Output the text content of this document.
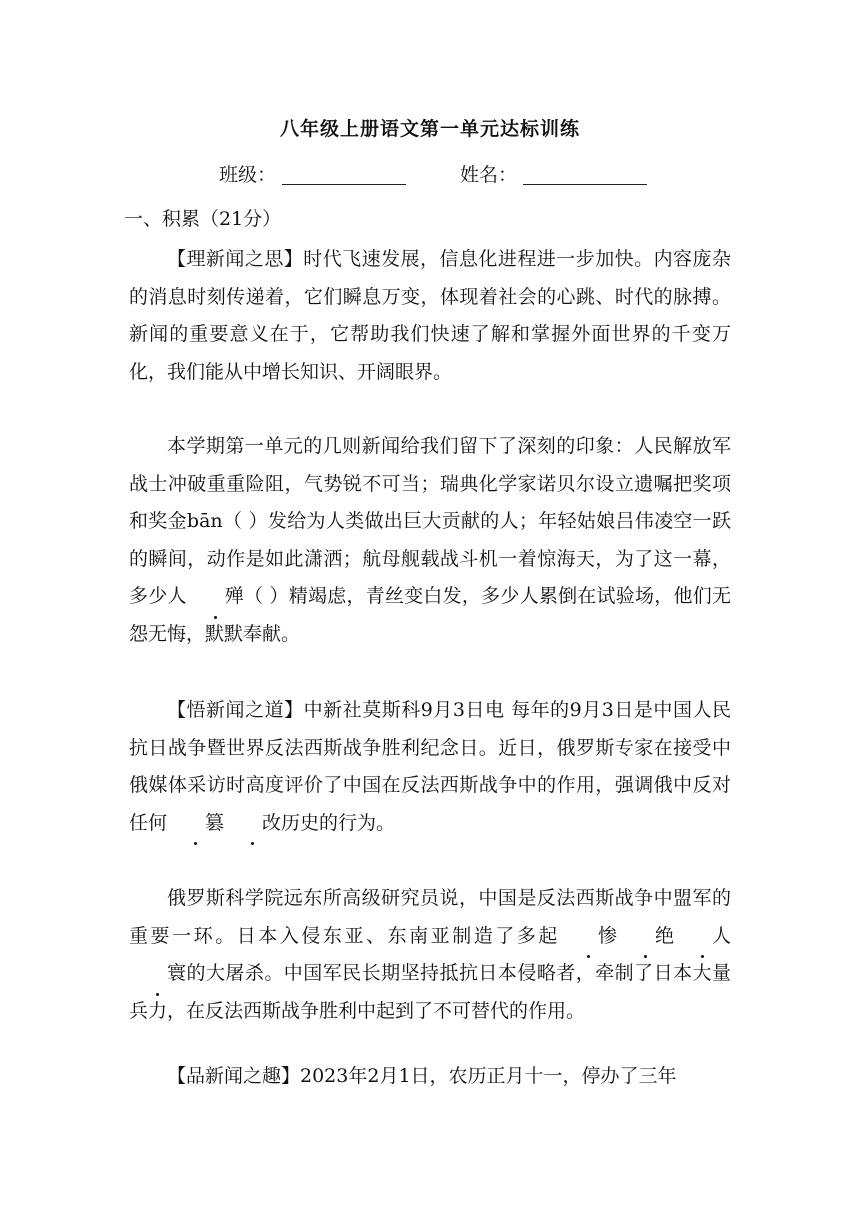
八年级上册语文第一单元达标训练
班级：	姓名：
一、积累（21分）

【理新闻之思】时代飞速发展，信息化进程进一步加快。内容庞杂的消息时刻传递着，它们瞬息万变，体现着社会的心跳、时代的脉搏。新闻的重要意义在于，它帮助我们快速了解和掌握外面世界的千变万化，我们能从中增长知识、开阔眼界。

本学期第一单元的几则新闻给我们留下了深刻的印象：人民解放军战士冲破重重险阻，气势锐不可当；瑞典化学家诺贝尔设立遗嘱把奖项和奖金bān（ ）发给为人类做出巨大贡献的人；年轻姑娘吕伟凌空一跃的瞬间，动作是如此潇洒；航母舰载战斗机一着惊海天，为了这一幕，多少人 殚（ ）精竭虑，青丝变白发，多少人累倒在试验场，他们无怨无悔，默默奉献。

【悟新闻之道】中新社莫斯科9月3日电 每年的9月3日是中国人民抗日战争暨世界反法西斯战争胜利纪念日。近日，俄罗斯专家在接受中俄媒体采访时高度评价了中国在反法西斯战争中的作用，强调俄中反对任何 篡 改历史的行为。

俄罗斯科学院远东所高级研究员说，中国是反法西斯战争中盟军的重要一环。日本入侵东亚、东南亚制造了多起 惨 绝 人寰的大屠杀。中国军民长期坚持抵抗日本侵略者，牵制了日本大量兵力，在反法西斯战争胜利中起到了不可替代的作用。

【品新闻之趣】2023年2月1日，农历正月十一，停办了三年
